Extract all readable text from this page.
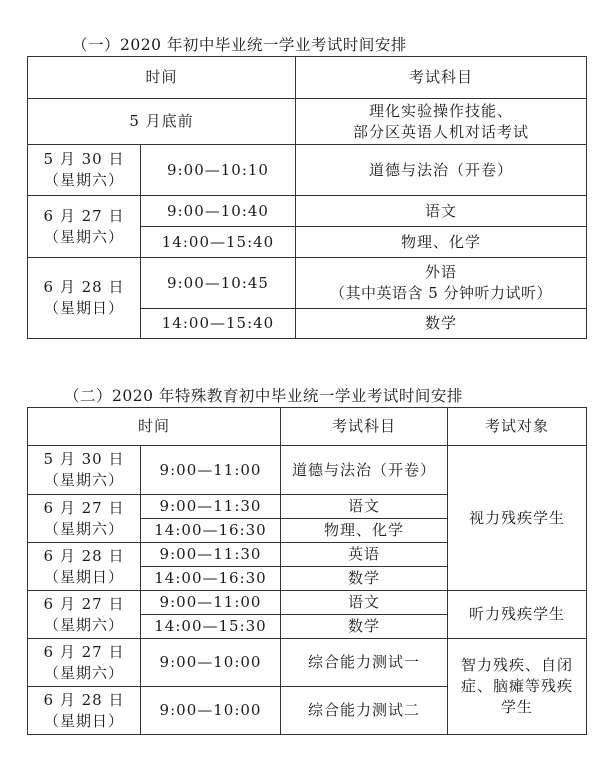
（一）2020 年初中毕业统一学业考试时间安排
时间		考试科目
5 月底前		理化实验操作技能、
部分区英语人机对话考试

5 月 30 日
（星期六）	9:00—10:10	道德与法治（开卷）

6 月 27 日
（星期六）	9:00—10:40	语文
	14:00—15:40	物理、化学

6 月 28 日
（星期日）	9:00—10:45	外语
（其中英语含 5 分钟听力试听）

	14:00—15:40	数学
（二）2020 年特殊教育初中毕业统一学业考试时间安排
时间		考试科目	考试对象

5 月 30 日
（星期六）	9:00—11:00	道德与法治（开卷）	视力残疾学生

6 月 27 日
（星期六）	9:00—11:30	语文	
	14:00—16:30	物理、化学	

6 月 28 日
（星期日）	9:00—11:30	英语	
	14:00—16:30	数学	

6 月 27 日
（星期六）	9:00—11:00	语文	听力残疾学生
	14:00—15:30	数学	

6 月 27 日
（星期六）	9:00—10:00	综合能力测试一	智力残疾、自闭
症、脑瘫等残疾
学生

6 月 28 日
（星期日）	9:00—10:00	综合能力测试二	
